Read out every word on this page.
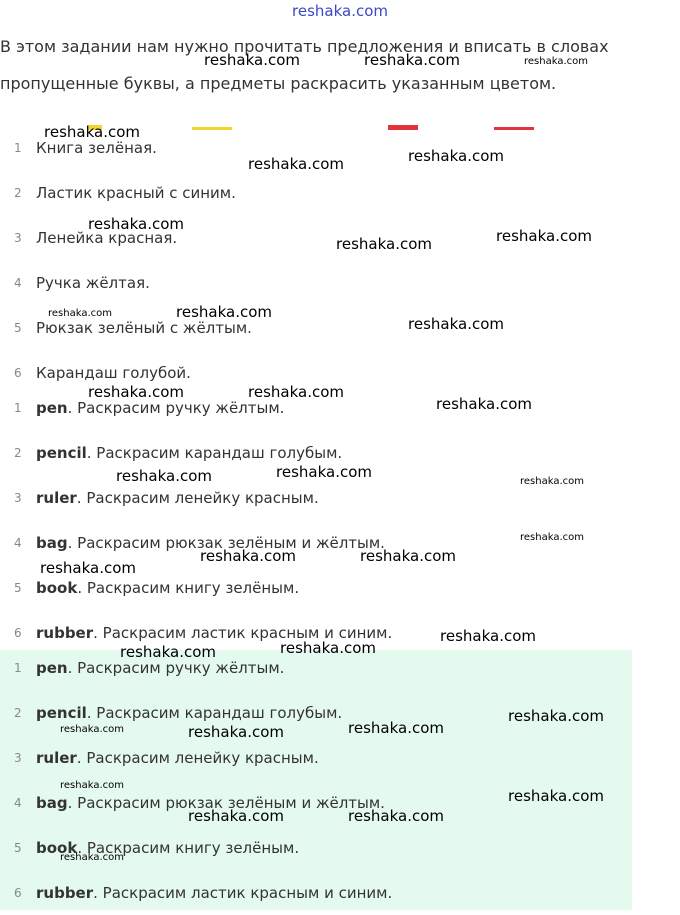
reshaka.com
В этом задании нам нужно прочитать предложения и вписать в словах пропущенные буквы, а предметы раскрасить указанным цветом.
1 Книга зелёная.
2 Ластик красный с синим.
3 Ленейка красная.
4 Ручка жёлтая.
5 Рюкзак зелёный с жёлтым.
6 Карандаш голубой.
1 pen. Раскрасим ручку жёлтым.
2 pencil. Раскрасим карандаш голубым.
3 ruler. Раскрасим ленейку красным.
4 bag. Раскрасим рюкзак зелёным и жёлтым.
5 book. Раскрасим книгу зелёным.
6 rubber. Раскрасим ластик красным и синим.
1 pen. Раскрасим ручку жёлтым.
2 pencil. Раскрасим карандаш голубым.
3 ruler. Раскрасим ленейку красным.
4 bag. Раскрасим рюкзак зелёным и жёлтым.
5 book. Раскрасим книгу зелёным.
6 rubber. Раскрасим ластик красным и синим.
reshaka.com	reshaka.com	reshaka.com
reshaka.com
reshaka.com
reshaka.com
reshaka.com
reshaka.com
reshaka.com
reshaka.com
reshaka.com
reshaka.com
reshaka.com	reshaka.com
reshaka.com
reshaka.com
reshaka.com	reshaka.com
reshaka.com
reshaka.com	reshaka.com
reshaka.com
reshaka.com
reshaka.com
reshaka.com
reshaka.com
reshaka.com
reshaka.com	reshaka.com
reshaka.com
reshaka.com
reshaka.com	reshaka.com
reshaka.com
